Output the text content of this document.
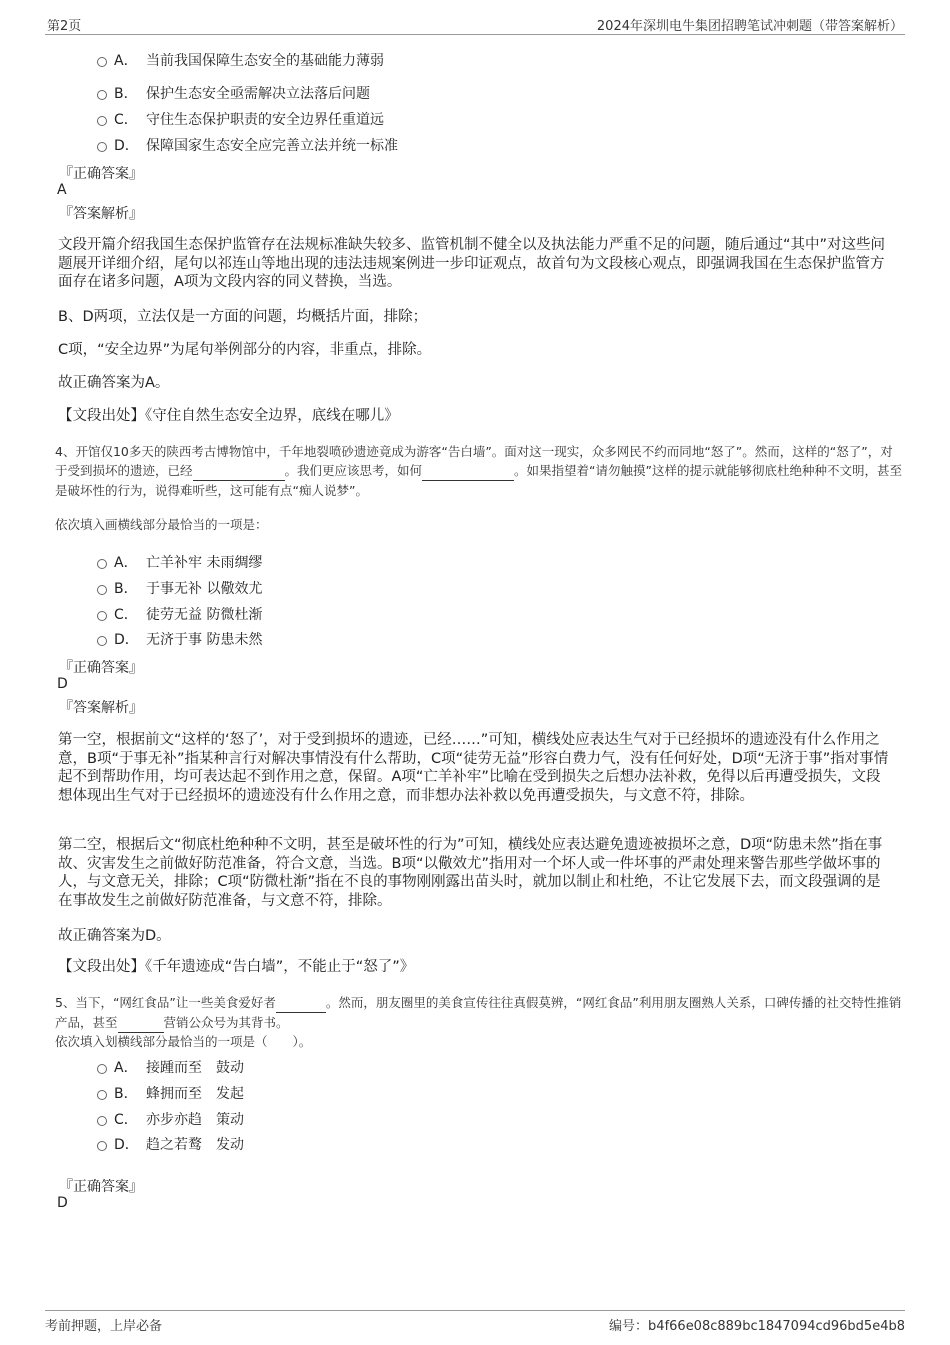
第2页	2024年深圳电牛集团招聘笔试冲刺题（带答案解析）
A． 当前我国保障生态安全的基础能力薄弱
B． 保护生态安全亟需解决立法落后问题
C． 守住生态保护职责的安全边界任重道远
D． 保障国家生态安全应完善立法并统一标准
『正确答案』
A
『答案解析』
文段开篇介绍我国生态保护监管存在法规标准缺失较多、监管机制不健全以及执法能力严重不足的问题，随后通过“其中”对这些问题展开详细介绍，尾句以祁连山等地出现的违法违规案例进一步印证观点，故首句为文段核心观点，即强调我国在生态保护监管方面存在诸多问题，A项为文段内容的同义替换，当选。
B、D两项，立法仅是一方面的问题，均概括片面，排除；
C项，“安全边界”为尾句举例部分的内容，非重点，排除。
故正确答案为A。
【文段出处】《守住自然生态安全边界，底线在哪儿》
4、开馆仅10多天的陕西考古博物馆中，千年地裂喷砂遗迹竟成为游客“告白墙”。面对这一现实，众多网民不约而同地“怒了”。然而，这样的“怒了”，对于受到损坏的遗迹，已经	。我们更应该思考，如何	。如果指望着“请勿触摸”这样的提示就能够彻底杜绝种种不文明，甚至是破坏性的行为，说得难听些，这可能有点“痴人说梦”。
依次填入画横线部分最恰当的一项是：
A． 亡羊补牢 未雨绸缪
B． 于事无补 以儆效尤
C． 徒劳无益 防微杜渐
D． 无济于事 防患未然
『正确答案』
D
『答案解析』
第一空，根据前文“这样的‘怒了’，对于受到损坏的遗迹，已经……”可知，横线处应表达生气对于已经损坏的遗迹没有什么作用之意，B项“于事无补”指某种言行对解决事情没有什么帮助，C项“徒劳无益”形容白费力气，没有任何好处，D项“无济于事”指对事情起不到帮助作用，均可表达起不到作用之意，保留。A项“亡羊补牢”比喻在受到损失之后想办法补救，免得以后再遭受损失，文段想体现出生气对于已经损坏的遗迹没有什么作用之意，而非想办法补救以免再遭受损失，与文意不符，排除。
第二空，根据后文“彻底杜绝种种不文明，甚至是破坏性的行为”可知，横线处应表达避免遗迹被损坏之意，D项“防患未然”指在事故、灾害发生之前做好防范准备，符合文意，当选。B项“以儆效尤”指用对一个坏人或一件坏事的严肃处理来警告那些学做坏事的人，与文意无关，排除；C项“防微杜渐”指在不良的事物刚刚露出苗头时，就加以制止和杜绝，不让它发展下去，而文段强调的是在事故发生之前做好防范准备，与文意不符，排除。
故正确答案为D。
【文段出处】《千年遗迹成“告白墙”，不能止于“怒了”》
5、当下，“网红食品”让一些美食爱好者	。然而，朋友圈里的美食宣传往往真假莫辨，“网红食品”利用朋友圈熟人关系，口碑传播的社交特性推销产品，甚至	营销公众号为其背书。
依次填入划横线部分最恰当的一项是（　　）。
A． 接踵而至　鼓动
B． 蜂拥而至　发起
C． 亦步亦趋　策动
D． 趋之若鹜　发动
『正确答案』
D
考前押题，上岸必备	编号：b4f66e08c889bc1847094cd96bd5e4b8
